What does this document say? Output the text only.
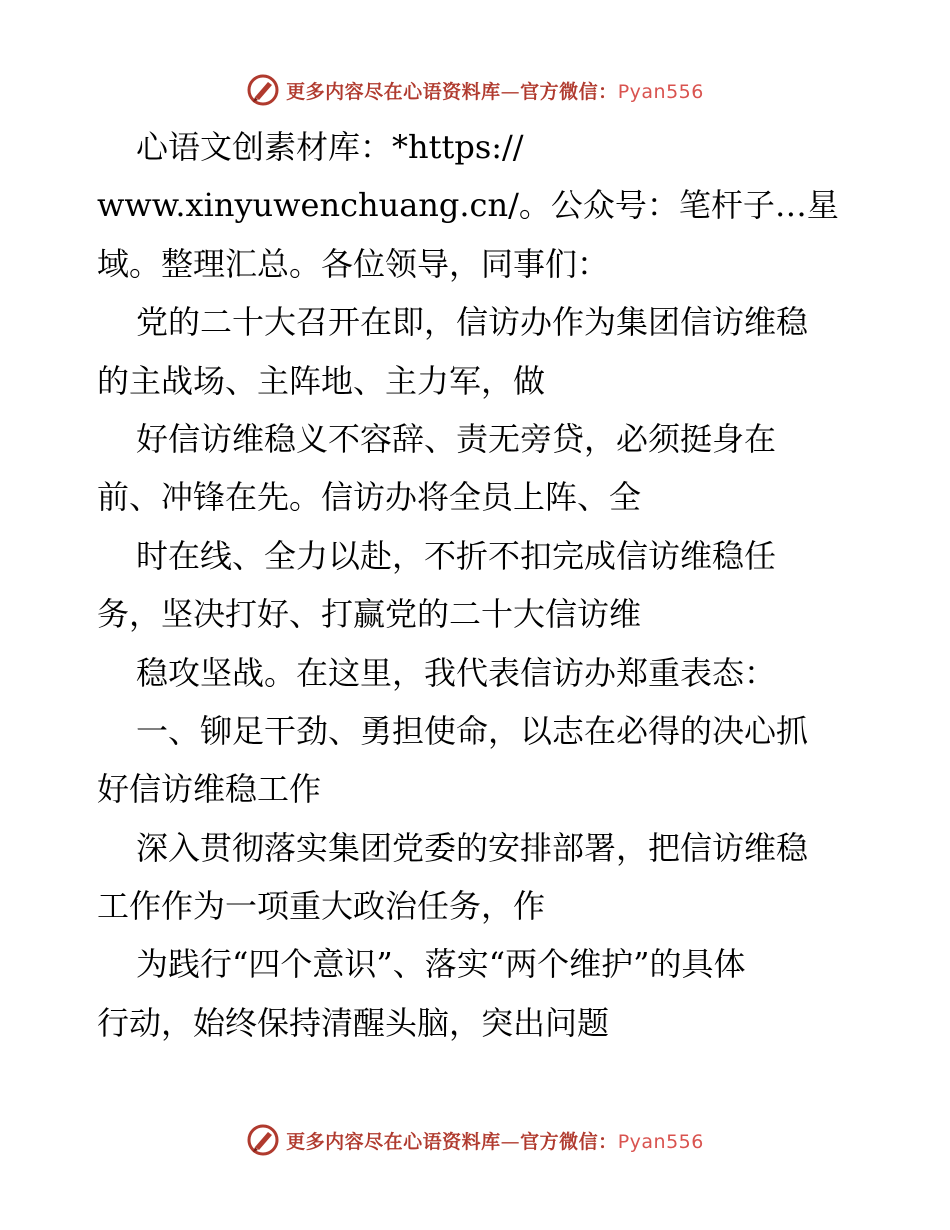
更多内容尽在心语资料库—官方微信：Pyan556
心语文创素材库：*https://
www.xinyuwenchuang.cn/。公众号：笔杆子…星
域。整理汇总。各位领导，同事们：
党的二十大召开在即，信访办作为集团信访维稳
的主战场、主阵地、主力军，做
好信访维稳义不容辞、责无旁贷，必须挺身在
前、冲锋在先。信访办将全员上阵、全
时在线、全力以赴，不折不扣完成信访维稳任
务，坚决打好、打赢党的二十大信访维
稳攻坚战。在这里，我代表信访办郑重表态：
一、铆足干劲、勇担使命，以志在必得的决心抓
好信访维稳工作
深入贯彻落实集团党委的安排部署，把信访维稳
工作作为一项重大政治任务，作
为践行“四个意识”、落实“两个维护”的具体
行动，始终保持清醒头脑，突出问题
更多内容尽在心语资料库—官方微信：Pyan556
